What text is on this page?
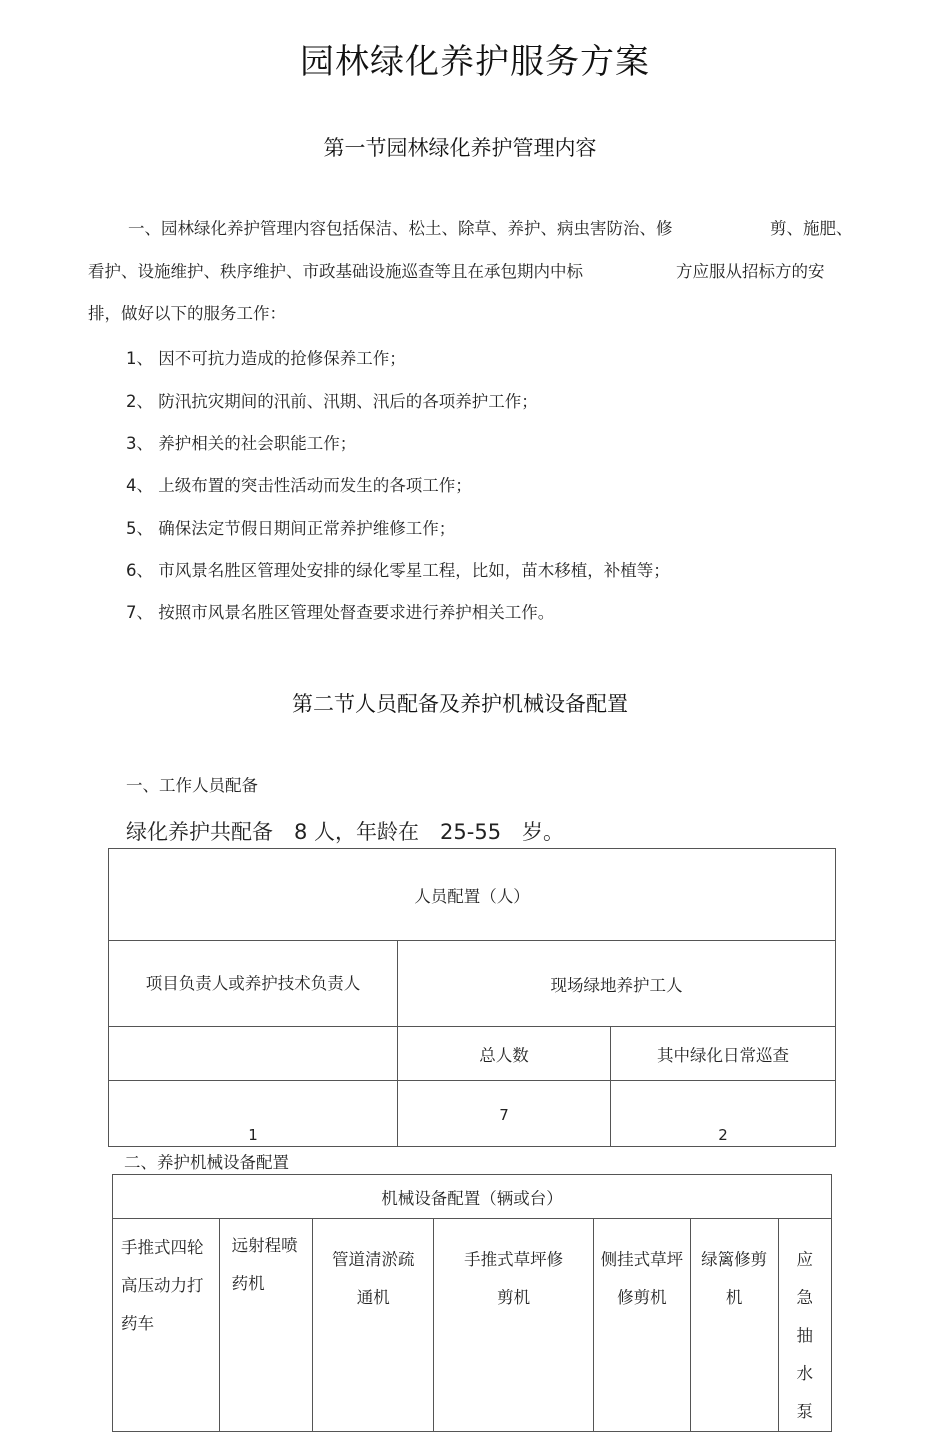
园林绿化养护服务方案
第一节园林绿化养护管理内容
一、园林绿化养护管理内容包括保洁、松土、除草、养护、病虫害防治、修	剪、施肥、
看护、设施维护、秩序维护、市政基础设施巡查等且在承包期内中标	方应服从招标方的安
排，做好以下的服务工作：
1、 因不可抗力造成的抢修保养工作；
2、 防汛抗灾期间的汛前、汛期、汛后的各项养护工作；
3、 养护相关的社会职能工作；
4、 上级布置的突击性活动而发生的各项工作；
5、 确保法定节假日期间正常养护维修工作；
6、 市风景名胜区管理处安排的绿化零星工程，比如，苗木移植，补植等；
7、 按照市风景名胜区管理处督查要求进行养护相关工作。
第二节人员配备及养护机械设备配置
一、工作人员配备
绿化养护共配备　8 人，年龄在　25-55　岁。
人员配置（人）		
项目负责人或养护技术负责人	现场绿地养护工人	
	总人数	其中绿化日常巡查
1	7	2
二、养护机械设备配置
机械设备配置（辆或台）
手推式四轮高压动力打药车	远射程喷药机	管道清淤疏通机	手推式草坪修剪机	侧挂式草坪修剪机	绿篱修剪机	应急抽水泵
